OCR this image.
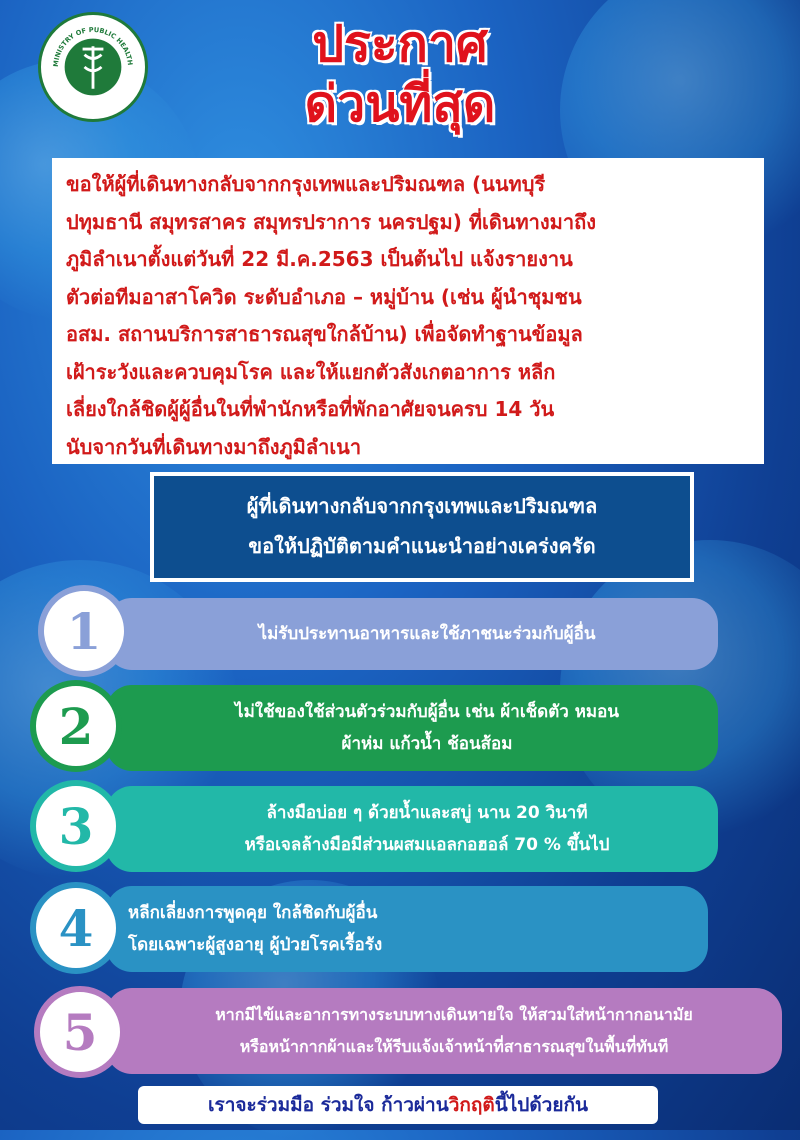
MINISTRY OF PUBLIC HEALTH	ประกาศ
ด่วนที่สุด

ขอให้ผู้ที่เดินทางกลับจากกรุงเทพและปริมณฑล (นนทบุรี

ปทุมธานี สมุทรสาคร สมุทรปราการ นครปฐม) ที่เดินทางมาถึง

ภูมิลำเนาตั้งแต่วันที่ 22 มี.ค.2563 เป็นต้นไป แจ้งรายงาน

ตัวต่อทีมอาสาโควิด ระดับอำเภอ – หมู่บ้าน (เช่น ผู้นำชุมชน

อสม. สถานบริการสาธารณสุขใกล้บ้าน) เพื่อจัดทำฐานข้อมูล

เฝ้าระวังและควบคุมโรค และให้แยกตัวสังเกตอาการ หลีก

เลี่ยงใกล้ชิดผู้ผู้อื่นในที่พำนักหรือที่พักอาศัยจนครบ 14 วัน

นับจากวันที่เดินทางมาถึงภูมิลำเนา

ผู้ที่เดินทางกลับจากกรุงเทพและปริมณฑล
ขอให้ปฏิบัติตามคำแนะนำอย่างเคร่งครัด
ไม่รับประทานอาหารและใช้ภาชนะร่วมกับผู้อื่น
1
ไม่ใช้ของใช้ส่วนตัวร่วมกับผู้อื่น เช่น ผ้าเช็ดตัว หมอน
ผ้าห่ม แก้วน้ำ ช้อนส้อม
2
ล้างมือบ่อย ๆ ด้วยน้ำและสบู่ นาน 20 วินาที
หรือเจลล้างมือมีส่วนผสมแอลกอฮอล์ 70 % ขึ้นไป
3
หลีกเลี่ยงการพูดคุย ใกล้ชิดกับผู้อื่น
โดยเฉพาะผู้สูงอายุ ผู้ป่วยโรคเรื้อรัง
4
หากมีไข้และอาการทางระบบทางเดินหายใจ ให้สวมใส่หน้ากากอนามัย
หรือหน้ากากผ้าและให้รีบแจ้งเจ้าหน้าที่สาธารณสุขในพื้นที่ทันที
5
เราจะร่วมมือ ร่วมใจ ก้าวผ่านวิกฤตินี้ไปด้วยกัน
